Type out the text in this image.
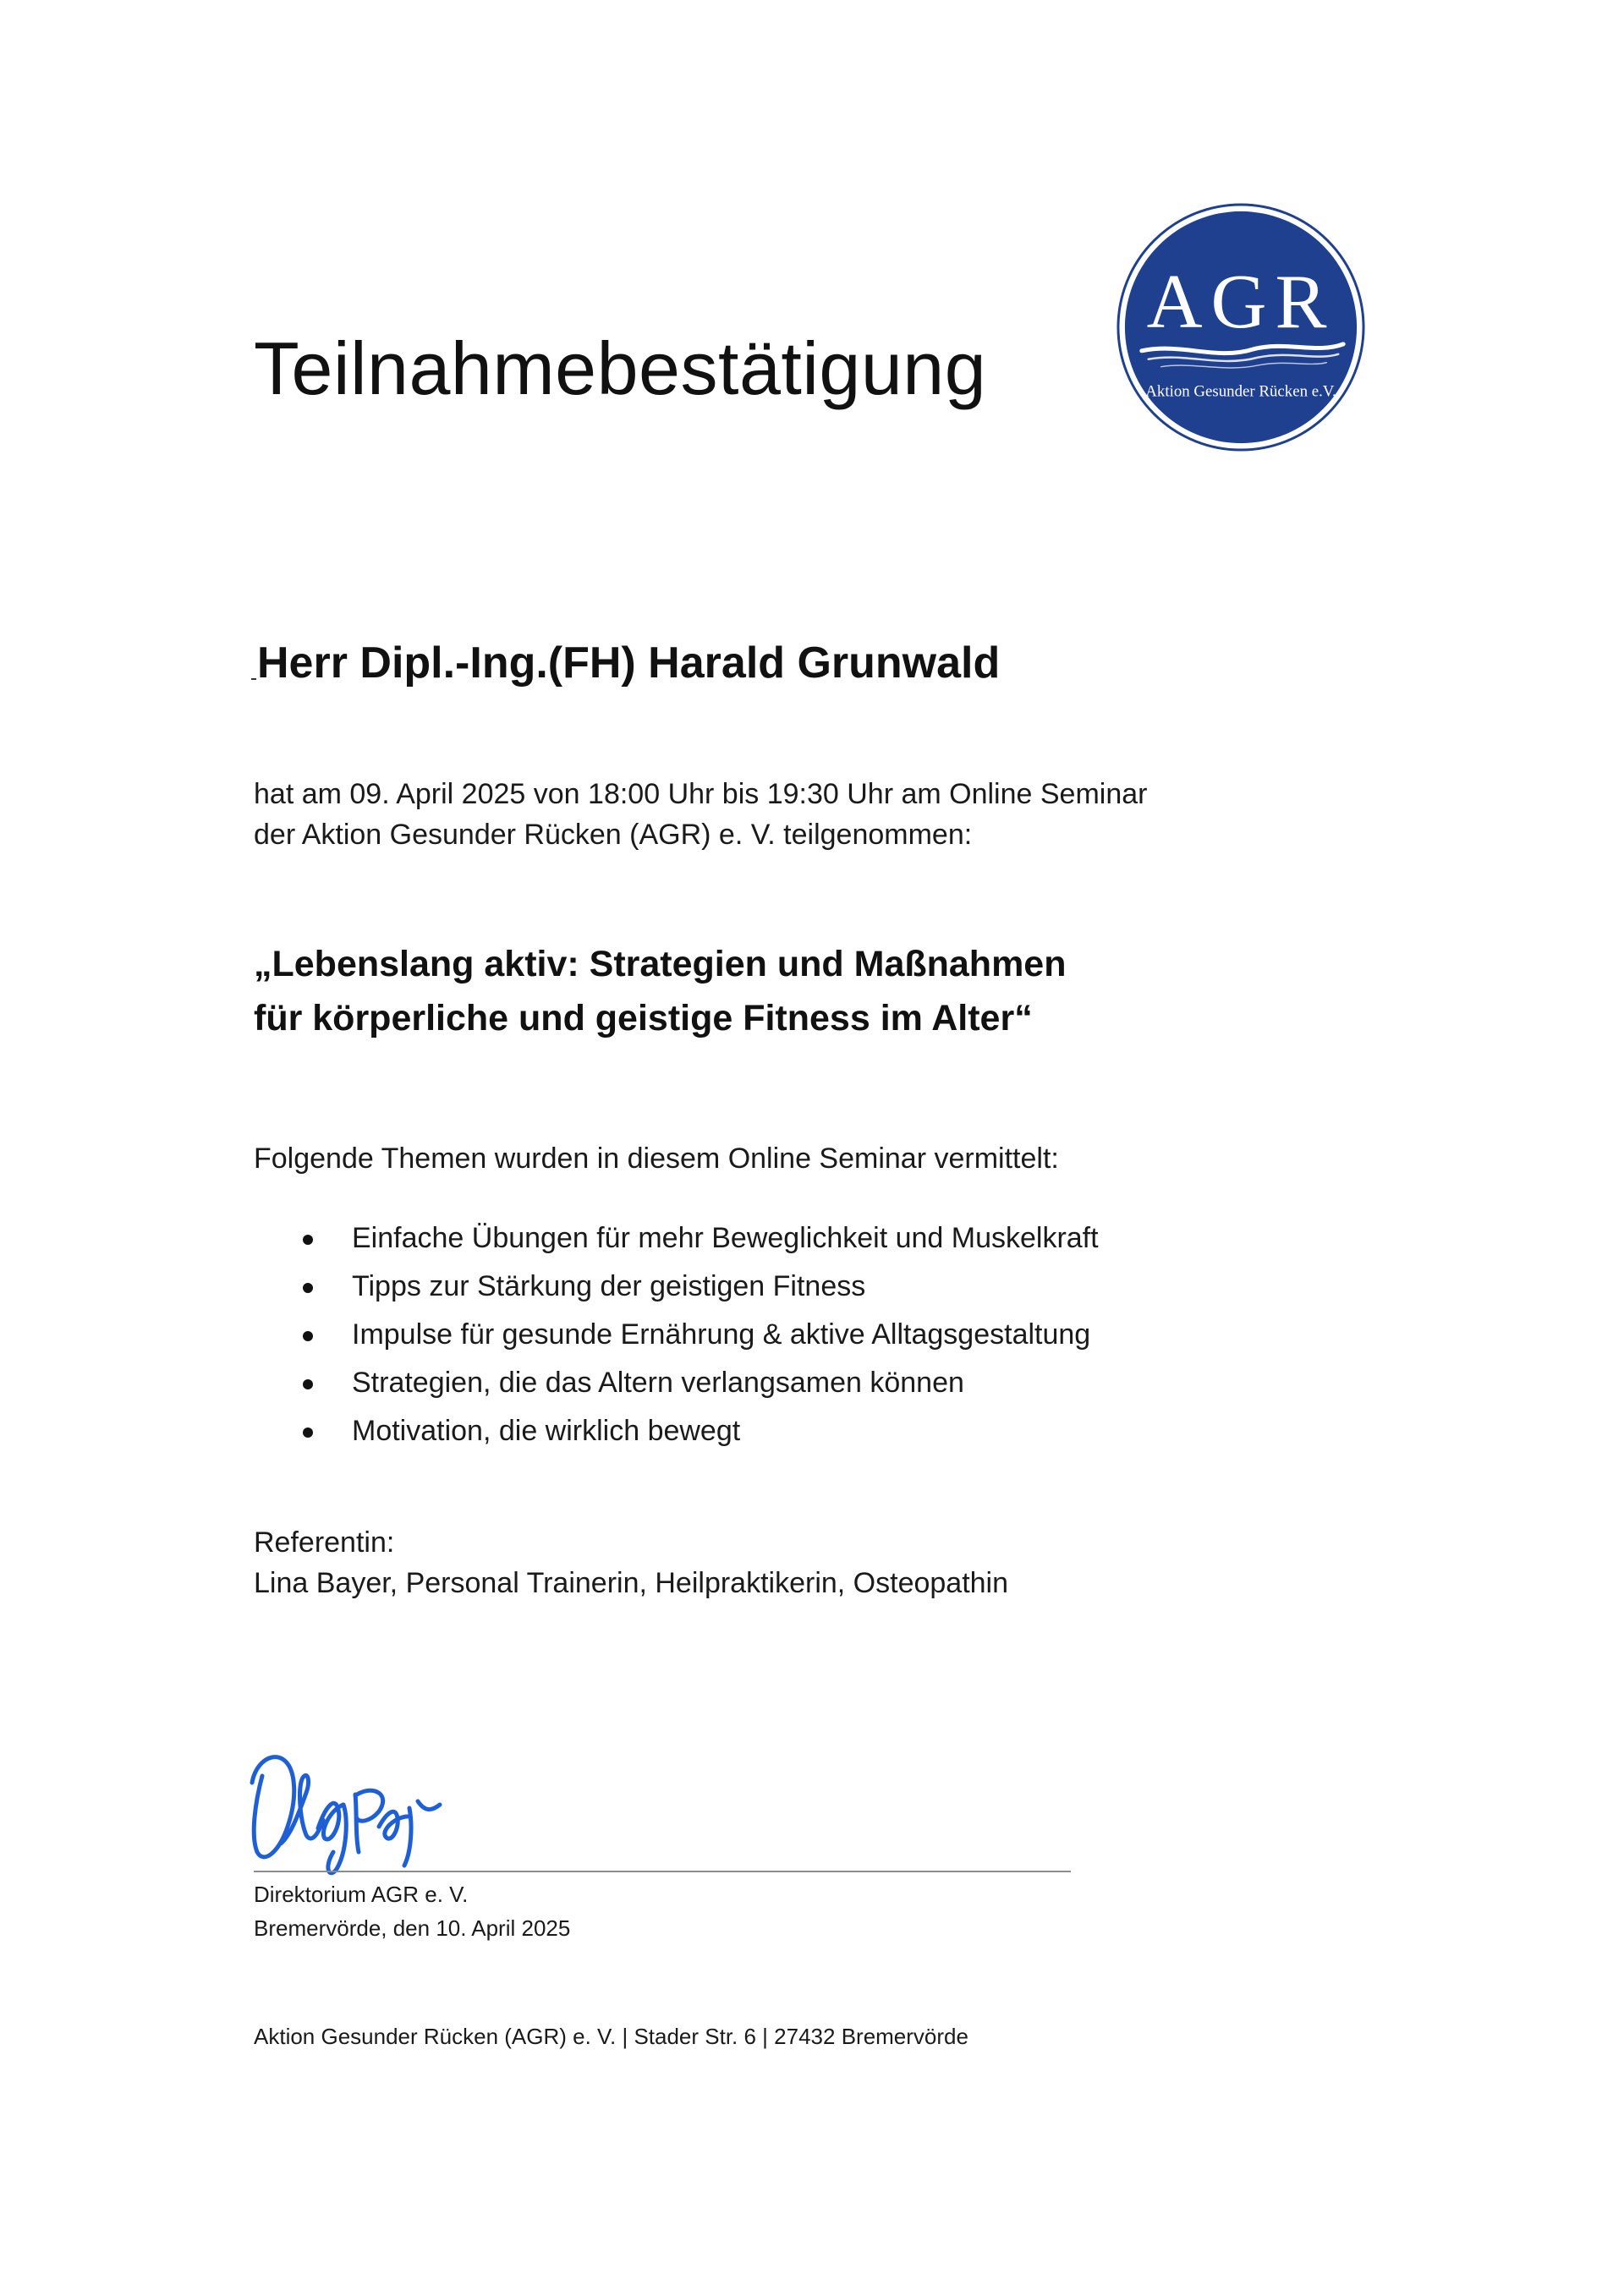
Teilnahmebestätigung
AGR
Aktion Gesunder Rücken e.V.
Herr Dipl.-Ing.(FH) Harald Grunwald
hat am 09. April 2025 von 18:00 Uhr bis 19:30 Uhr am Online Seminar
der Aktion Gesunder Rücken (AGR) e. V. teilgenommen:
„Lebenslang aktiv: Strategien und Maßnahmen
für körperliche und geistige Fitness im Alter“
Folgende Themen wurden in diesem Online Seminar vermittelt:
Einfache Übungen für mehr Beweglichkeit und Muskelkraft
Tipps zur Stärkung der geistigen Fitness
Impulse für gesunde Ernährung & aktive Alltagsgestaltung
Strategien, die das Altern verlangsamen können
Motivation, die wirklich bewegt
Referentin:
Lina Bayer, Personal Trainerin, Heilpraktikerin, Osteopathin
Direktorium AGR e. V.
Bremervörde, den 10. April 2025
Aktion Gesunder Rücken (AGR) e. V. | Stader Str. 6 | 27432 Bremervörde
